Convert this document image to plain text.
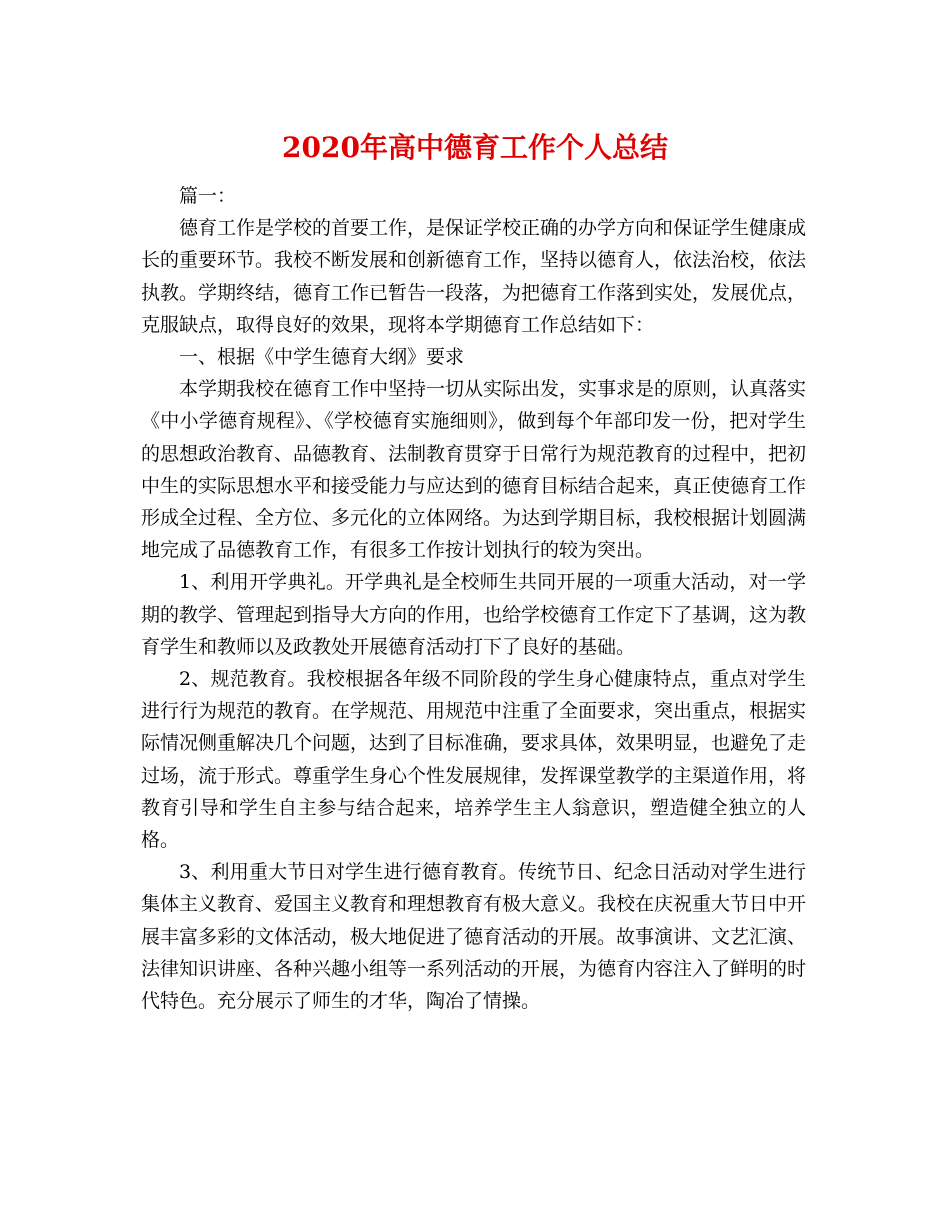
2020年高中德育工作个人总结

篇一：

德育工作是学校的首要工作，是保证学校正确的办学方向和保证学生健康成长的重要环节。我校不断发展和创新德育工作，坚持以德育人，依法治校，依法执教。学期终结，德育工作已暂告一段落，为把德育工作落到实处，发展优点，克服缺点，取得良好的效果，现将本学期德育工作总结如下：

一、根据《中学生德育大纲》要求

本学期我校在德育工作中坚持一切从实际出发，实事求是的原则，认真落实《中小学德育规程》、《学校德育实施细则》，做到每个年部印发一份，把对学生的思想政治教育、品德教育、法制教育贯穿于日常行为规范教育的过程中，把初中生的实际思想水平和接受能力与应达到的德育目标结合起来，真正使德育工作形成全过程、全方位、多元化的立体网络。为达到学期目标，我校根据计划圆满地完成了品德教育工作，有很多工作按计划执行的较为突出。

1、利用开学典礼。开学典礼是全校师生共同开展的一项重大活动，对一学期的教学、管理起到指导大方向的作用，也给学校德育工作定下了基调，这为教育学生和教师以及政教处开展德育活动打下了良好的基础。

2、规范教育。我校根据各年级不同阶段的学生身心健康特点，重点对学生进行行为规范的教育。在学规范、用规范中注重了全面要求，突出重点，根据实际情况侧重解决几个问题，达到了目标准确，要求具体，效果明显，也避免了走过场，流于形式。尊重学生身心个性发展规律，发挥课堂教学的主渠道作用，将教育引导和学生自主参与结合起来，培养学生主人翁意识，塑造健全独立的人格。

3、利用重大节日对学生进行德育教育。传统节日、纪念日活动对学生进行集体主义教育、爱国主义教育和理想教育有极大意义。我校在庆祝重大节日中开展丰富多彩的文体活动，极大地促进了德育活动的开展。故事演讲、文艺汇演、法律知识讲座、各种兴趣小组等一系列活动的开展，为德育内容注入了鲜明的时代特色。充分展示了师生的才华，陶冶了情操。
